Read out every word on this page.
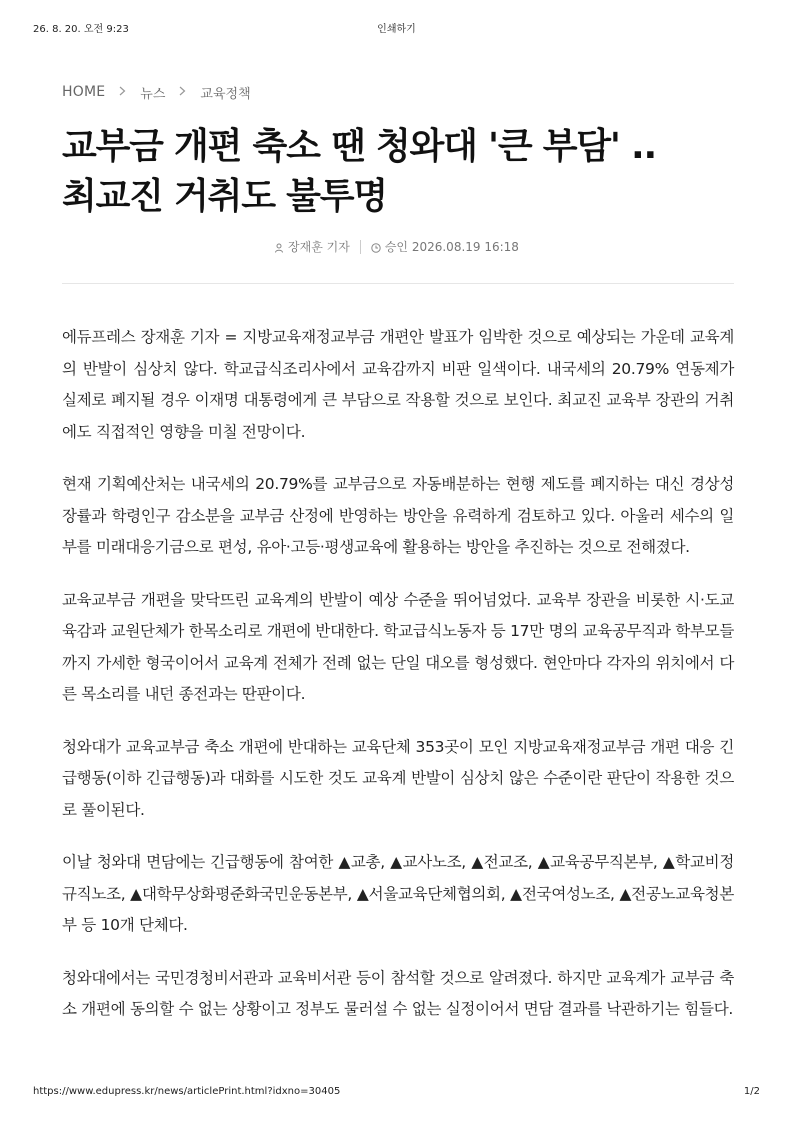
26. 8. 20. 오전 9:23	인쇄하기
HOME	뉴스	교육정책
교부금 개편 축소 땐 청와대 '큰 부담' .. 최교진 거취도 불투명
장재훈 기자	승인 2026.08.19 16:18

에듀프레스 장재훈 기자 = 지방교육재정교부금 개편안 발표가 임박한 것으로 예상되는 가운데 교육계의 반발이 심상치 않다. 학교급식조리사에서 교육감까지 비판 일색이다. 내국세의 20.79% 연동제가 실제로 폐지될 경우 이재명 대통령에게 큰 부담으로 작용할 것으로 보인다. 최교진 교육부 장관의 거취에도 직접적인 영향을 미칠 전망이다.

현재 기획예산처는 내국세의 20.79%를 교부금으로 자동배분하는 현행 제도를 폐지하는 대신 경상성장률과 학령인구 감소분을 교부금 산정에 반영하는 방안을 유력하게 검토하고 있다. 아울러 세수의 일부를 미래대응기금으로 편성, 유아·고등·평생교육에 활용하는 방안을 추진하는 것으로 전해졌다.

교육교부금 개편을 맞닥뜨린 교육계의 반발이 예상 수준을 뛰어넘었다. 교육부 장관을 비롯한 시·도교육감과 교원단체가 한목소리로 개편에 반대한다. 학교급식노동자 등 17만 명의 교육공무직과 학부모들까지 가세한 형국이어서 교육계 전체가 전례 없는 단일 대오를 형성했다. 현안마다 각자의 위치에서 다른 목소리를 내던 종전과는 딴판이다.

청와대가 교육교부금 축소 개편에 반대하는 교육단체 353곳이 모인 지방교육재정교부금 개편 대응 긴급행동(이하 긴급행동)과 대화를 시도한 것도 교육계 반발이 심상치 않은 수준이란 판단이 작용한 것으로 풀이된다.

이날 청와대 면담에는 긴급행동에 참여한 ▲교총, ▲교사노조, ▲전교조, ▲교육공무직본부, ▲학교비정규직노조, ▲대학무상화평준화국민운동본부, ▲서울교육단체협의회, ▲전국여성노조, ▲전공노교육청본부 등 10개 단체다.

청와대에서는 국민경청비서관과 교육비서관 등이 참석할 것으로 알려졌다. 하지만 교육계가 교부금 축소 개편에 동의할 수 없는 상황이고 정부도 물러설 수 없는 실정이어서 면담 결과를 낙관하기는 힘들다.

https://www.edupress.kr/news/articlePrint.html?idxno=30405	1/2
